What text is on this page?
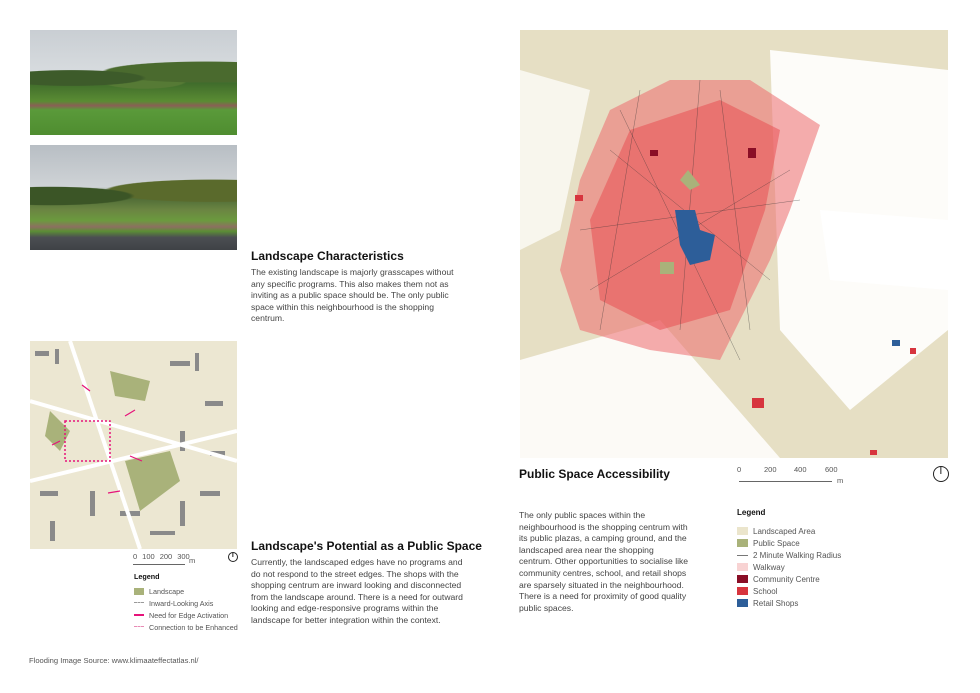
Landscape Characteristics

The existing landscape is majorly grasscapes without any specific programs. This also makes them not as inviting as a public space should be. The only public space within this neighbourhood is the shopping centrum.

0 100 200 300 m
Legend
Landscape
Inward-Looking Axis
Need for Edge Activation
Connection to be Enhanced
Landscape's Potential as a Public Space

Currently, the landscaped edges have no programs and do not respond to the street edges. The shops with the shopping centrum are inward looking and disconnected from the landscape around. There is a need for outward looking and edge-responsive programs within the landscape for better integration within the context.

Public Space Accessibility

The only public spaces within the neighbourhood is the shopping centrum with its public plazas, a camping ground, and the landscaped area near the shopping centrum. Other opportunities to socialise like community centres, school, and retail shops are sparsely situated in the neighbourhood. There is a need for proximity of good quality public spaces.

0	200 400 600
m
Legend
Landscaped Area
Public Space
2 Minute Walking Radius
Walkway
Community Centre
School
Retail Shops
Flooding Image Source: www.klimaateffectatlas.nl/
